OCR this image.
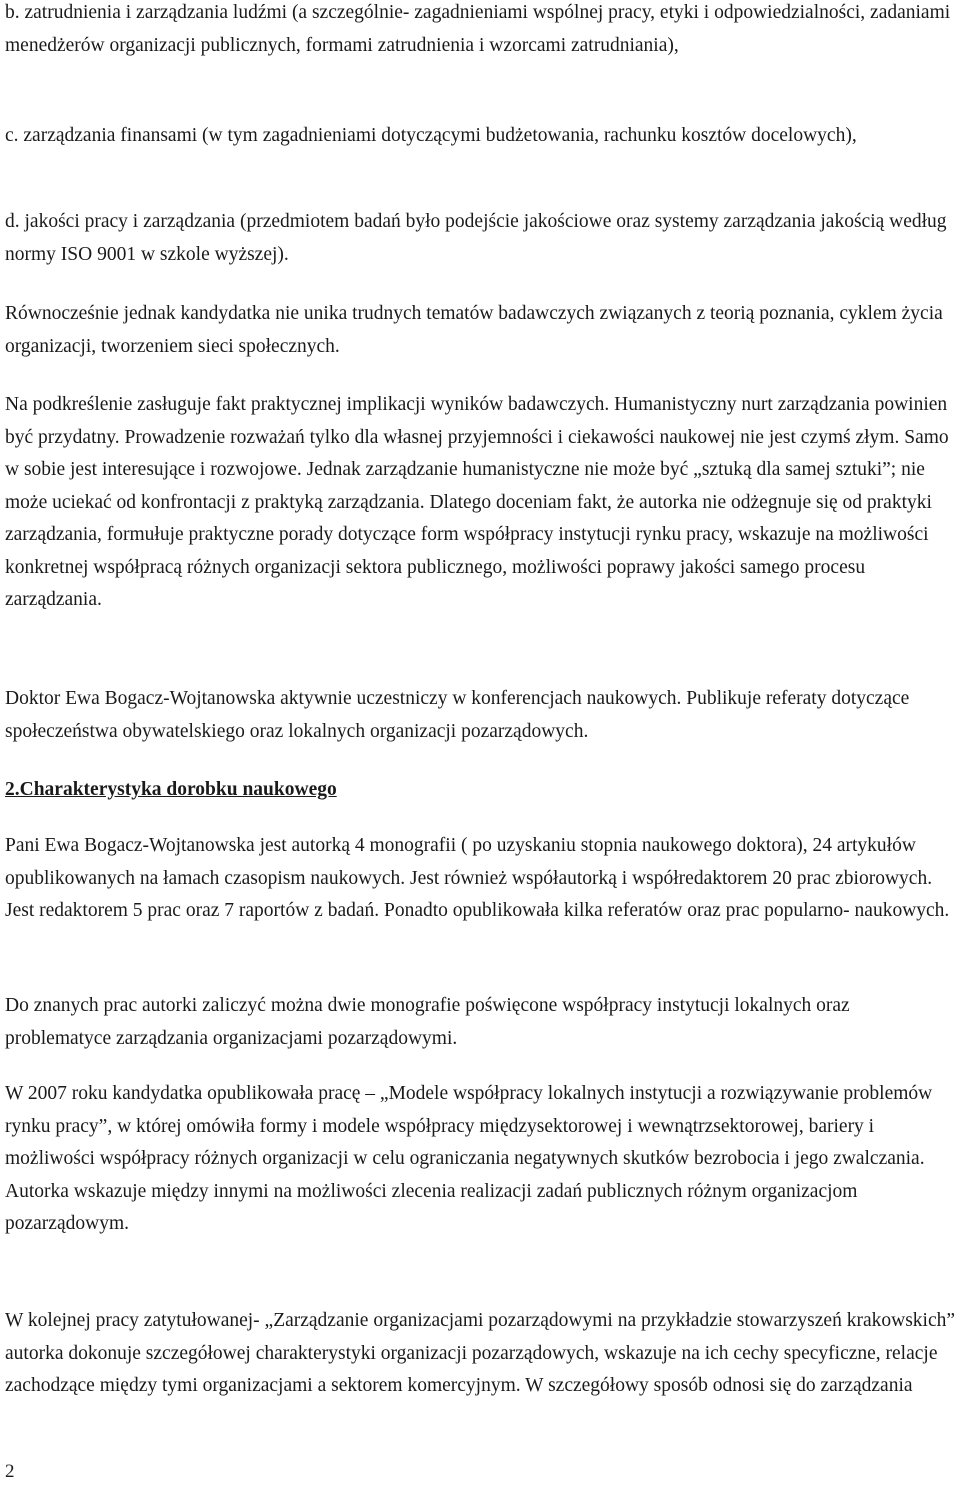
b. zatrudnienia i zarządzania ludźmi (a szczególnie- zagadnieniami wspólnej pracy, etyki i odpowiedzialności, zadaniami menedżerów organizacji publicznych, formami zatrudnienia i wzorcami zatrudniania),

c. zarządzania finansami (w tym zagadnieniami dotyczącymi budżetowania, rachunku kosztów docelowych),

d. jakości pracy i zarządzania (przedmiotem badań było podejście jakościowe oraz systemy zarządzania jakością według normy ISO 9001 w szkole wyższej).

Równocześnie jednak kandydatka nie unika trudnych tematów badawczych związanych z teorią poznania, cyklem życia organizacji, tworzeniem sieci społecznych.

Na podkreślenie zasługuje fakt praktycznej implikacji wyników badawczych. Humanistyczny nurt zarządzania powinien być przydatny. Prowadzenie rozważań tylko dla własnej przyjemności i ciekawości naukowej nie jest czymś złym. Samo w sobie jest interesujące i rozwojowe. Jednak zarządzanie humanistyczne nie może być „sztuką dla samej sztuki”; nie może uciekać od konfrontacji z praktyką zarządzania. Dlatego doceniam fakt, że autorka nie odżegnuje się od praktyki zarządzania, formułuje praktyczne porady dotyczące form współpracy instytucji rynku pracy, wskazuje na możliwości konkretnej współpracą różnych organizacji sektora publicznego, możliwości poprawy jakości samego procesu zarządzania.

Doktor Ewa Bogacz-Wojtanowska aktywnie uczestniczy w konferencjach naukowych. Publikuje referaty dotyczące społeczeństwa obywatelskiego oraz lokalnych organizacji pozarządowych.

2.Charakterystyka dorobku naukowego

Pani Ewa Bogacz-Wojtanowska jest autorką 4 monografii ( po uzyskaniu stopnia naukowego doktora), 24 artykułów opublikowanych na łamach czasopism naukowych. Jest również współautorką i współredaktorem 20 prac zbiorowych. Jest redaktorem 5 prac oraz 7 raportów z badań. Ponadto opublikowała kilka referatów oraz prac popularno- naukowych.

Do znanych prac autorki zaliczyć można dwie monografie poświęcone współpracy instytucji lokalnych oraz problematyce zarządzania organizacjami pozarządowymi.

W 2007 roku kandydatka opublikowała pracę – „Modele współpracy lokalnych instytucji a rozwiązywanie problemów rynku pracy”, w której omówiła formy i modele współpracy międzysektorowej i wewnątrzsektorowej, bariery i możliwości współpracy różnych organizacji w celu ograniczania negatywnych skutków bezrobocia i jego zwalczania. Autorka wskazuje między innymi na możliwości zlecenia realizacji zadań publicznych różnym organizacjom pozarządowym.

W kolejnej pracy zatytułowanej- „Zarządzanie organizacjami pozarządowymi na przykładzie stowarzyszeń krakowskich” autorka dokonuje szczegółowej charakterystyki organizacji pozarządowych, wskazuje na ich cechy specyficzne, relacje zachodzące między tymi organizacjami a sektorem komercyjnym. W szczegółowy sposób odnosi się do zarządzania

2
